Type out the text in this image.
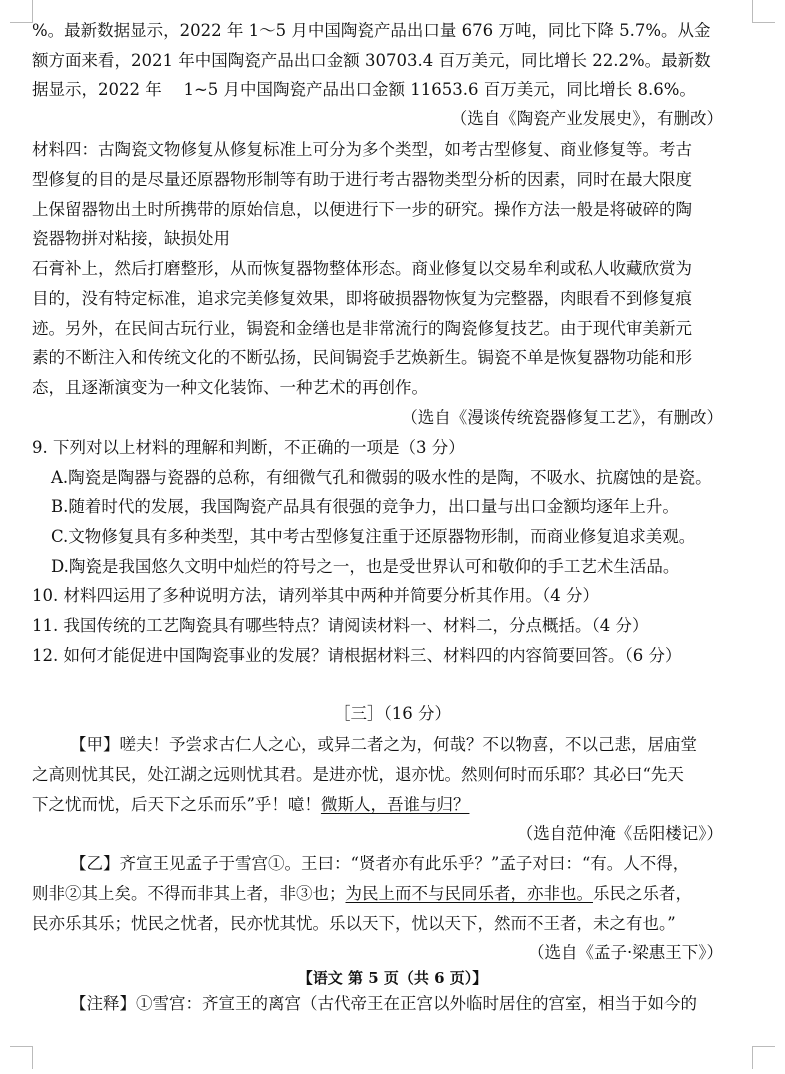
%。最新数据显示，2022 年 1～5 月中国陶瓷产品出口量 676 万吨，同比下降 5.7%。从金
额方面来看，2021 年中国陶瓷产品出口金额 30703.4 百万美元，同比增长 22.2%。最新数
据显示，2022 年　 1~5 月中国陶瓷产品出口金额 11653.6 百万美元，同比增长 8.6%。
（选自《陶瓷产业发展史》，有删改）
材料四：古陶瓷文物修复从修复标准上可分为多个类型，如考古型修复、商业修复等。考古
型修复的目的是尽量还原器物形制等有助于进行考古器物类型分析的因素，同时在最大限度
上保留器物出土时所携带的原始信息，以便进行下一步的研究。操作方法一般是将破碎的陶
瓷器物拼对粘接，缺损处用
石膏补上，然后打磨整形，从而恢复器物整体形态。商业修复以交易牟利或私人收藏欣赏为
目的，没有特定标准，追求完美修复效果，即将破损器物恢复为完整器，肉眼看不到修复痕
迹。另外，在民间古玩行业，锔瓷和金缮也是非常流行的陶瓷修复技艺。由于现代审美新元
素的不断注入和传统文化的不断弘扬，民间锔瓷手艺焕新生。锔瓷不单是恢复器物功能和形
态，且逐渐演变为一种文化装饰、一种艺术的再创作。
（选自《漫谈传统瓷器修复工艺》，有删改）
9. 下列对以上材料的理解和判断，不正确的一项是（3 分）
A.陶瓷是陶器与瓷器的总称，有细微气孔和微弱的吸水性的是陶，不吸水、抗腐蚀的是瓷。
B.随着时代的发展，我国陶瓷产品具有很强的竞争力，出口量与出口金额均逐年上升。
C.文物修复具有多种类型，其中考古型修复注重于还原器物形制，而商业修复追求美观。
D.陶瓷是我国悠久文明中灿烂的符号之一，也是受世界认可和敬仰的手工艺术生活品。
10. 材料四运用了多种说明方法，请列举其中两种并简要分析其作用。（4 分）
11. 我国传统的工艺陶瓷具有哪些特点？请阅读材料一、材料二，分点概括。（4 分）
12. 如何才能促进中国陶瓷事业的发展？请根据材料三、材料四的内容简要回答。（6 分）
［三］（16 分）
【甲】嗟夫！予尝求古仁人之心，或异二者之为，何哉？不以物喜，不以己悲，居庙堂
之高则忧其民，处江湖之远则忧其君。是进亦忧，退亦忧。然则何时而乐耶？其必曰“先天
下之忧而忧，后天下之乐而乐”乎！噫！微斯人，吾谁与归？
（选自范仲淹《岳阳楼记》）
【乙】齐宣王见孟子于雪宫①。王曰：“贤者亦有此乐乎？”孟子对曰：“有。人不得，
则非②其上矣。不得而非其上者，非③也；为民上而不与民同乐者，亦非也。乐民之乐者，
民亦乐其乐；忧民之忧者，民亦忧其忧。乐以天下，忧以天下，然而不王者，未之有也。”
（选自《孟子·梁惠王下》）
【语文 第 5 页（共 6 页）】
【注释】①雪宫：齐宣王的离宫（古代帝王在正宫以外临时居住的宫室，相当于如今的
